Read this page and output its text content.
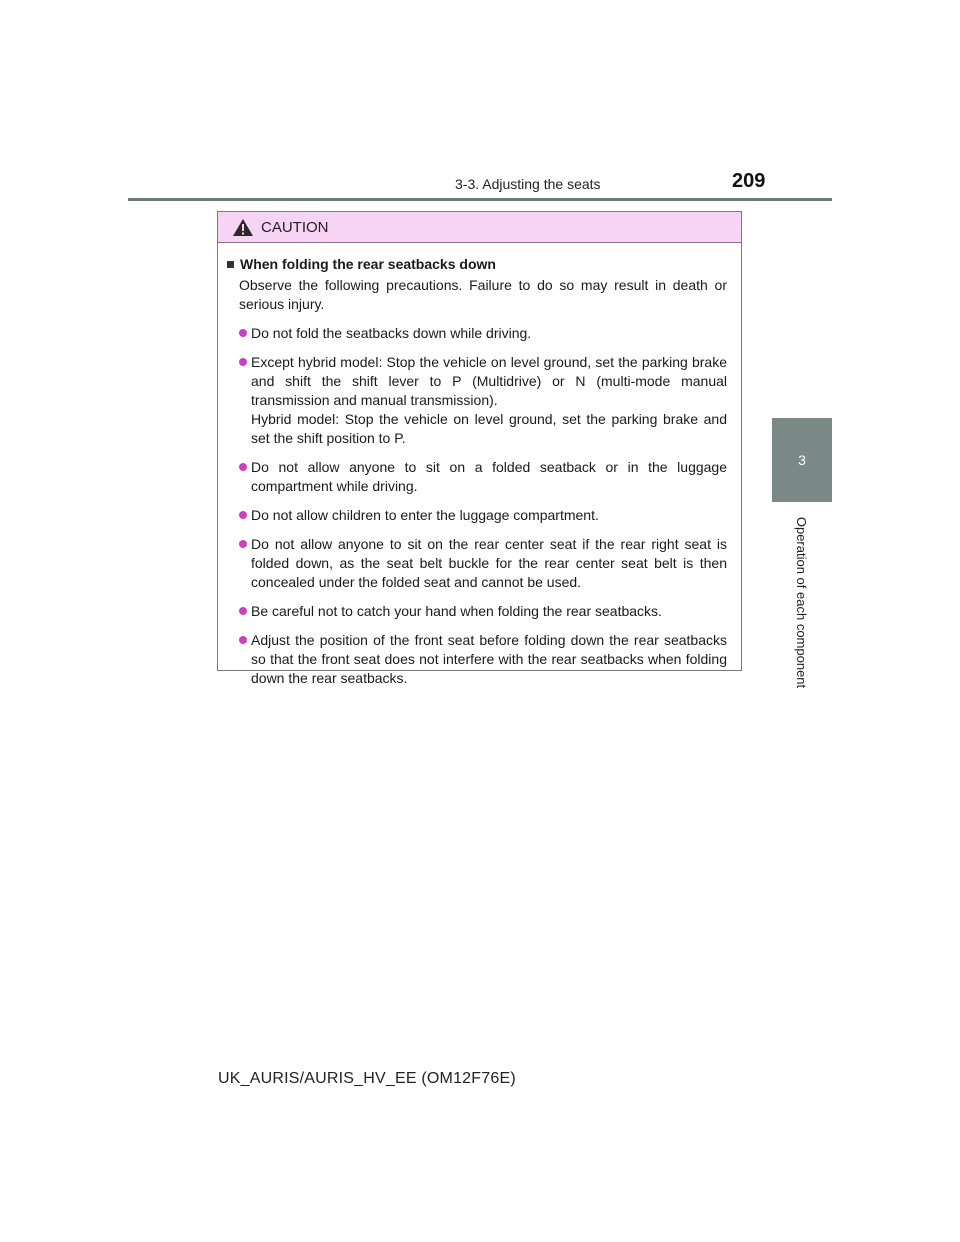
3-3. Adjusting the seats	209
3
Operation of each component
CAUTION
When folding the rear seatbacks down
Observe the following precautions. Failure to do so may result in death or serious injury.
Do not fold the seatbacks down while driving.
Except hybrid model: Stop the vehicle on level ground, set the parking brake and shift the shift lever to P (Multidrive) or N (multi-mode manual transmission and manual transmission).
Hybrid model: Stop the vehicle on level ground, set the parking brake and set the shift position to P.
Do not allow anyone to sit on a folded seatback or in the luggage compartment while driving.
Do not allow children to enter the luggage compartment.
Do not allow anyone to sit on the rear center seat if the rear right seat is folded down, as the seat belt buckle for the rear center seat belt is then concealed under the folded seat and cannot be used.
Be careful not to catch your hand when folding the rear seatbacks.
Adjust the position of the front seat before folding down the rear seatbacks so that the front seat does not interfere with the rear seatbacks when folding down the rear seatbacks.
UK_AURIS/AURIS_HV_EE (OM12F76E)
